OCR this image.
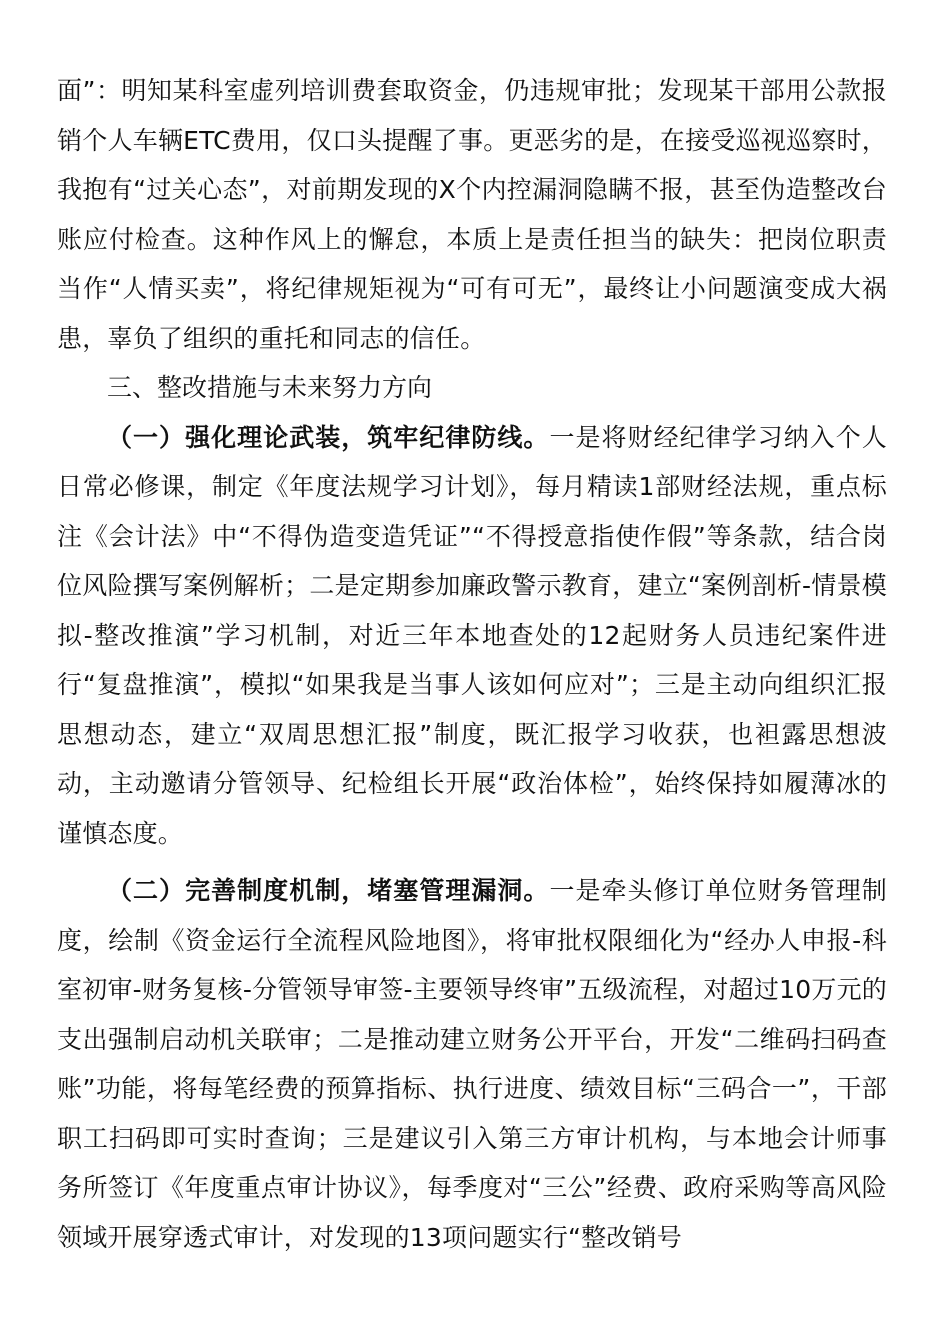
面”：明知某科室虚列培训费套取资金，仍违规审批；发现某干部用公款报销个人车辆ETC费用，仅口头提醒了事。更恶劣的是，在接受巡视巡察时，我抱有“过关心态”，对前期发现的X个内控漏洞隐瞒不报，甚至伪造整改台账应付检查。这种作风上的懈怠，本质上是责任担当的缺失：把岗位职责当作“人情买卖”，将纪律规矩视为“可有可无”，最终让小问题演变成大祸患，辜负了组织的重托和同志的信任。

三、整改措施与未来努力方向

（一）强化理论武装，筑牢纪律防线。一是将财经纪律学习纳入个人日常必修课，制定《年度法规学习计划》，每月精读1部财经法规，重点标注《会计法》中“不得伪造变造凭证”“不得授意指使作假”等条款，结合岗位风险撰写案例解析；二是定期参加廉政警示教育，建立“案例剖析-情景模拟-整改推演”学习机制，对近三年本地查处的12起财务人员违纪案件进行“复盘推演”，模拟“如果我是当事人该如何应对”；三是主动向组织汇报思想动态，建立“双周思想汇报”制度，既汇报学习收获，也袒露思想波动，主动邀请分管领导、纪检组长开展“政治体检”，始终保持如履薄冰的谨慎态度。

（二）完善制度机制，堵塞管理漏洞。一是牵头修订单位财务管理制度，绘制《资金运行全流程风险地图》，将审批权限细化为“经办人申报-科室初审-财务复核-分管领导审签-主要领导终审”五级流程，对超过10万元的支出强制启动机关联审；二是推动建立财务公开平台，开发“二维码扫码查账”功能，将每笔经费的预算指标、执行进度、绩效目标“三码合一”，干部职工扫码即可实时查询；三是建议引入第三方审计机构，与本地会计师事务所签订《年度重点审计协议》，每季度对“三公”经费、政府采购等高风险领域开展穿透式审计，对发现的13项问题实行“整改销号
